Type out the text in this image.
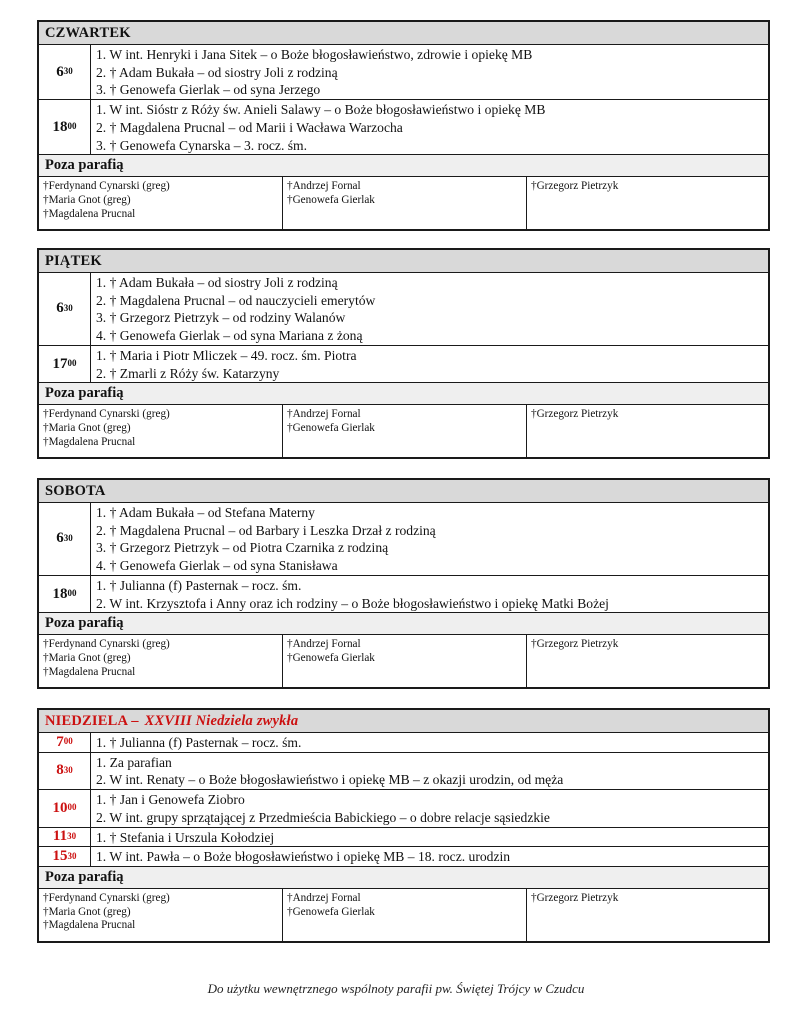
CZWARTEK
$6^{30}$
1. W int. Henryki i Jana Sitek – o Boże błogosławieństwo, zdrowie i opiekę MB
2. † Adam Bukała – od siostry Joli z rodziną
3. † Genowefa Gierlak – od syna Jerzego
$18^{00}$
1. W int. Sióstr z Róży św. Anieli Salawy – o Boże błogosławieństwo i opiekę MB
2. † Magdalena Prucnal – od Marii i Wacława Warzocha
3. † Genowefa Cynarska – 3. rocz. śm.
Poza parafią
†Ferdynand Cynarski (greg)
†Maria Gnot (greg)
†Magdalena Prucnal
†Andrzej Fornal
†Genowefa Gierlak
†Grzegorz Pietrzyk
PIĄTEK
$6^{30}$
1. † Adam Bukała – od siostry Joli z rodziną
2. † Magdalena Prucnal – od nauczycieli emerytów
3. † Grzegorz Pietrzyk – od rodziny Walanów
4. † Genowefa Gierlak – od syna Mariana z żoną
$17^{00}$
1. † Maria i Piotr Mliczek – 49. rocz. śm. Piotra
2. † Zmarli z Róży św. Katarzyny
Poza parafią
†Ferdynand Cynarski (greg)
†Maria Gnot (greg)
†Magdalena Prucnal
†Andrzej Fornal
†Genowefa Gierlak
†Grzegorz Pietrzyk
SOBOTA
$6^{30}$
1. † Adam Bukała – od Stefana Materny
2. † Magdalena Prucnal – od Barbary i Leszka Drzał z rodziną
3. † Grzegorz Pietrzyk – od Piotra Czarnika z rodziną
4. † Genowefa Gierlak – od syna Stanisława
$18^{00}$
1. † Julianna (f) Pasternak – rocz. śm.
2. W int. Krzysztofa i Anny oraz ich rodziny – o Boże błogosławieństwo i opiekę Matki Bożej
Poza parafią
†Ferdynand Cynarski (greg)
†Maria Gnot (greg)
†Magdalena Prucnal
†Andrzej Fornal
†Genowefa Gierlak
†Grzegorz Pietrzyk
NIEDZIELA – XXVIII Niedziela zwykła
$7^{00}$ 1. † Julianna (f) Pasternak – rocz. śm.
$8^{30}$
1. Za parafian
2. W int. Renaty – o Boże błogosławieństwo i opiekę MB – z okazji urodzin, od męża
$10^{00}$
1. † Jan i Genowefa Ziobro
2. W int. grupy sprzątającej z Przedmieścia Babickiego – o dobre relacje sąsiedzkie
$11^{30}$ 1. † Stefania i Urszula Kołodziej
$15^{30}$ 1. W int. Pawła – o Boże błogosławieństwo i opiekę MB – 18. rocz. urodzin
Poza parafią
†Ferdynand Cynarski (greg)
†Maria Gnot (greg)
†Magdalena Prucnal
†Andrzej Fornal
†Genowefa Gierlak
†Grzegorz Pietrzyk
Do użytku wewnętrznego wspólnoty parafii pw. Świętej Trójcy w Czudcu
